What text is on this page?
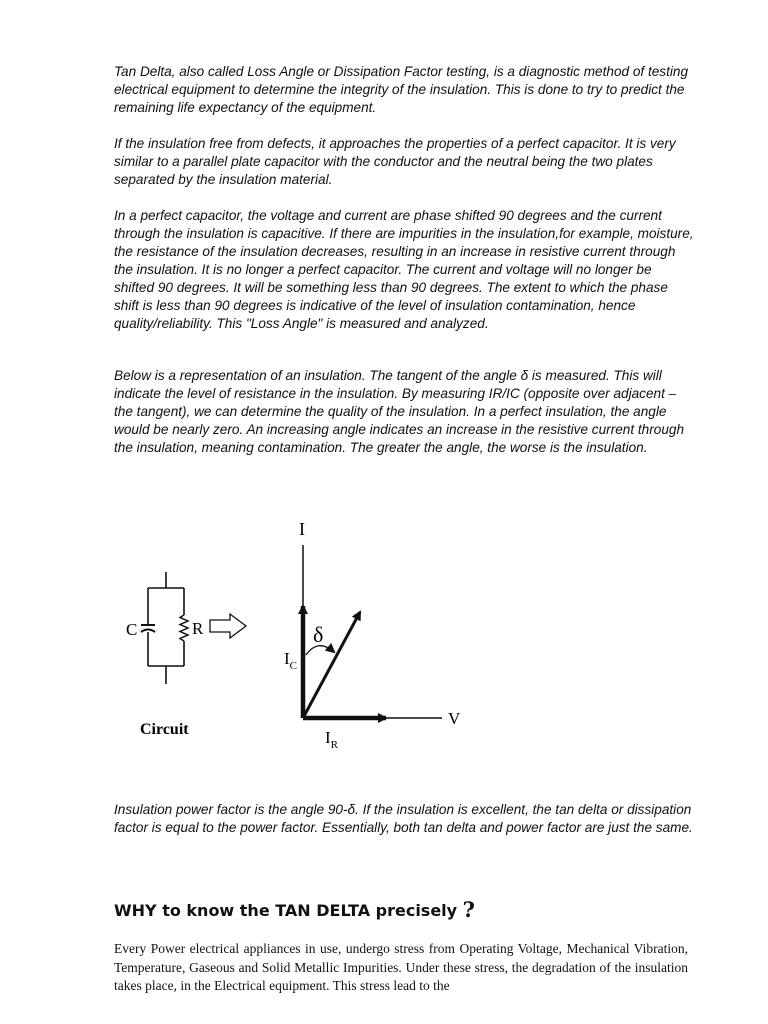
Tan Delta, also called Loss Angle or Dissipation Factor testing, is a diagnostic method of testing electrical equipment to determine the integrity of the insulation. This is done to try to predict the remaining life expectancy of the equipment.

If the insulation free from defects, it approaches the properties of a perfect capacitor. It is very similar to a parallel plate capacitor with the conductor and the neutral being the two plates separated by the insulation material.

In a perfect capacitor, the voltage and current are phase shifted 90 degrees and the current through the insulation is capacitive. If there are impurities in the insulation,for example, moisture, the resistance of the insulation decreases, resulting in an increase in resistive current through the insulation. It is no longer a perfect capacitor. The current and voltage will no longer be shifted 90 degrees. It will be something less than 90 degrees. The extent to which the phase shift is less than 90 degrees is indicative of the level of insulation contamination, hence quality/reliability. This "Loss Angle" is measured and analyzed.

Below is a representation of an insulation. The tangent of the angle δ is measured. This will indicate the level of resistance in the insulation. By measuring IR/IC (opposite over adjacent – the tangent), we can determine the quality of the insulation. In a perfect insulation, the angle would be nearly zero. An increasing angle indicates an increase in the resistive current through the insulation, meaning contamination. The greater the angle, the worse is the insulation.

C	R
Circuit
I
V
δ
$I_C$
$I_R$

Insulation power factor is the angle 90-δ. If the insulation is excellent, the tan delta or dissipation factor is equal to the power factor. Essentially, both tan delta and power factor are just the same.

WHY to know the TAN DELTA precisely ?

Every Power electrical appliances in use, undergo stress from Operating Voltage, Mechanical Vibration, Temperature, Gaseous and Solid Metallic Impurities. Under these stress, the degradation of the insulation takes place, in the Electrical equipment. This stress lead to the
